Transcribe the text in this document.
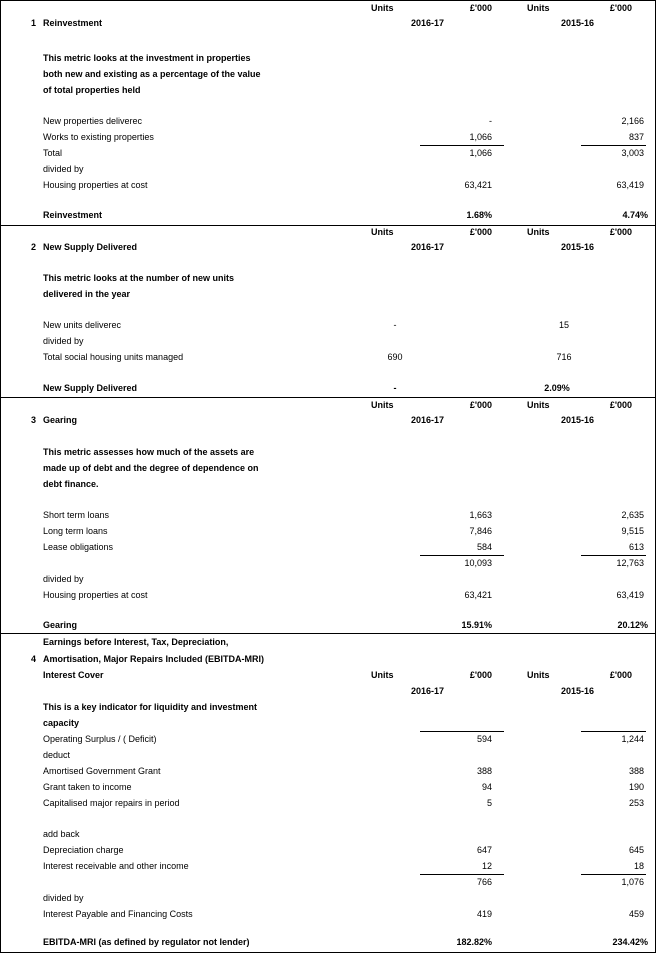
Units	£'000	Units	£'000
1 Reinvestment	2016-17	2015-16
This metric looks at the investment in properties
both new and existing as a percentage of the value
of total properties held
New properties deliverec	-	2,166
Works to existing properties	1,066	837
Total	1,066	3,003
divided by
Housing properties at cost	63,421	63,419
Reinvestment	1.68%	4.74%
Units	£'000	Units	£'000
2 New Supply Delivered	2016-17	2015-16
This metric looks at the number of new units
delivered in the year
New units deliverec	-	15
divided by
Total social housing units managed	690	716
New Supply Delivered	-	2.09%
Units	£'000	Units	£'000
3 Gearing	2016-17	2015-16
This metric assesses how much of the assets are
made up of debt and the degree of dependence on
debt finance.
Short term loans	1,663	2,635
Long term loans	7,846	9,515
Lease obligations	584	613
10,093	12,763
divided by
Housing properties at cost	63,421	63,419
Gearing	15.91%	20.12%
Earnings before Interest, Tax, Depreciation,
4 Amortisation, Major Repairs Included (EBITDA-MRI)
Interest Cover	Units	£'000	Units	£'000
2016-17	2015-16
This is a key indicator for liquidity and investment
capacity
Operating Surplus / ( Deficit)	594	1,244
deduct
Amortised Government Grant	388	388
Grant taken to income	94	190
Capitalised major repairs in period	5	253
add back
Depreciation charge	647	645
Interest receivable and other income	12	18
766	1,076
divided by
Interest Payable and Financing Costs	419	459
EBITDA-MRI (as defined by regulator not lender)	182.82%	234.42%
